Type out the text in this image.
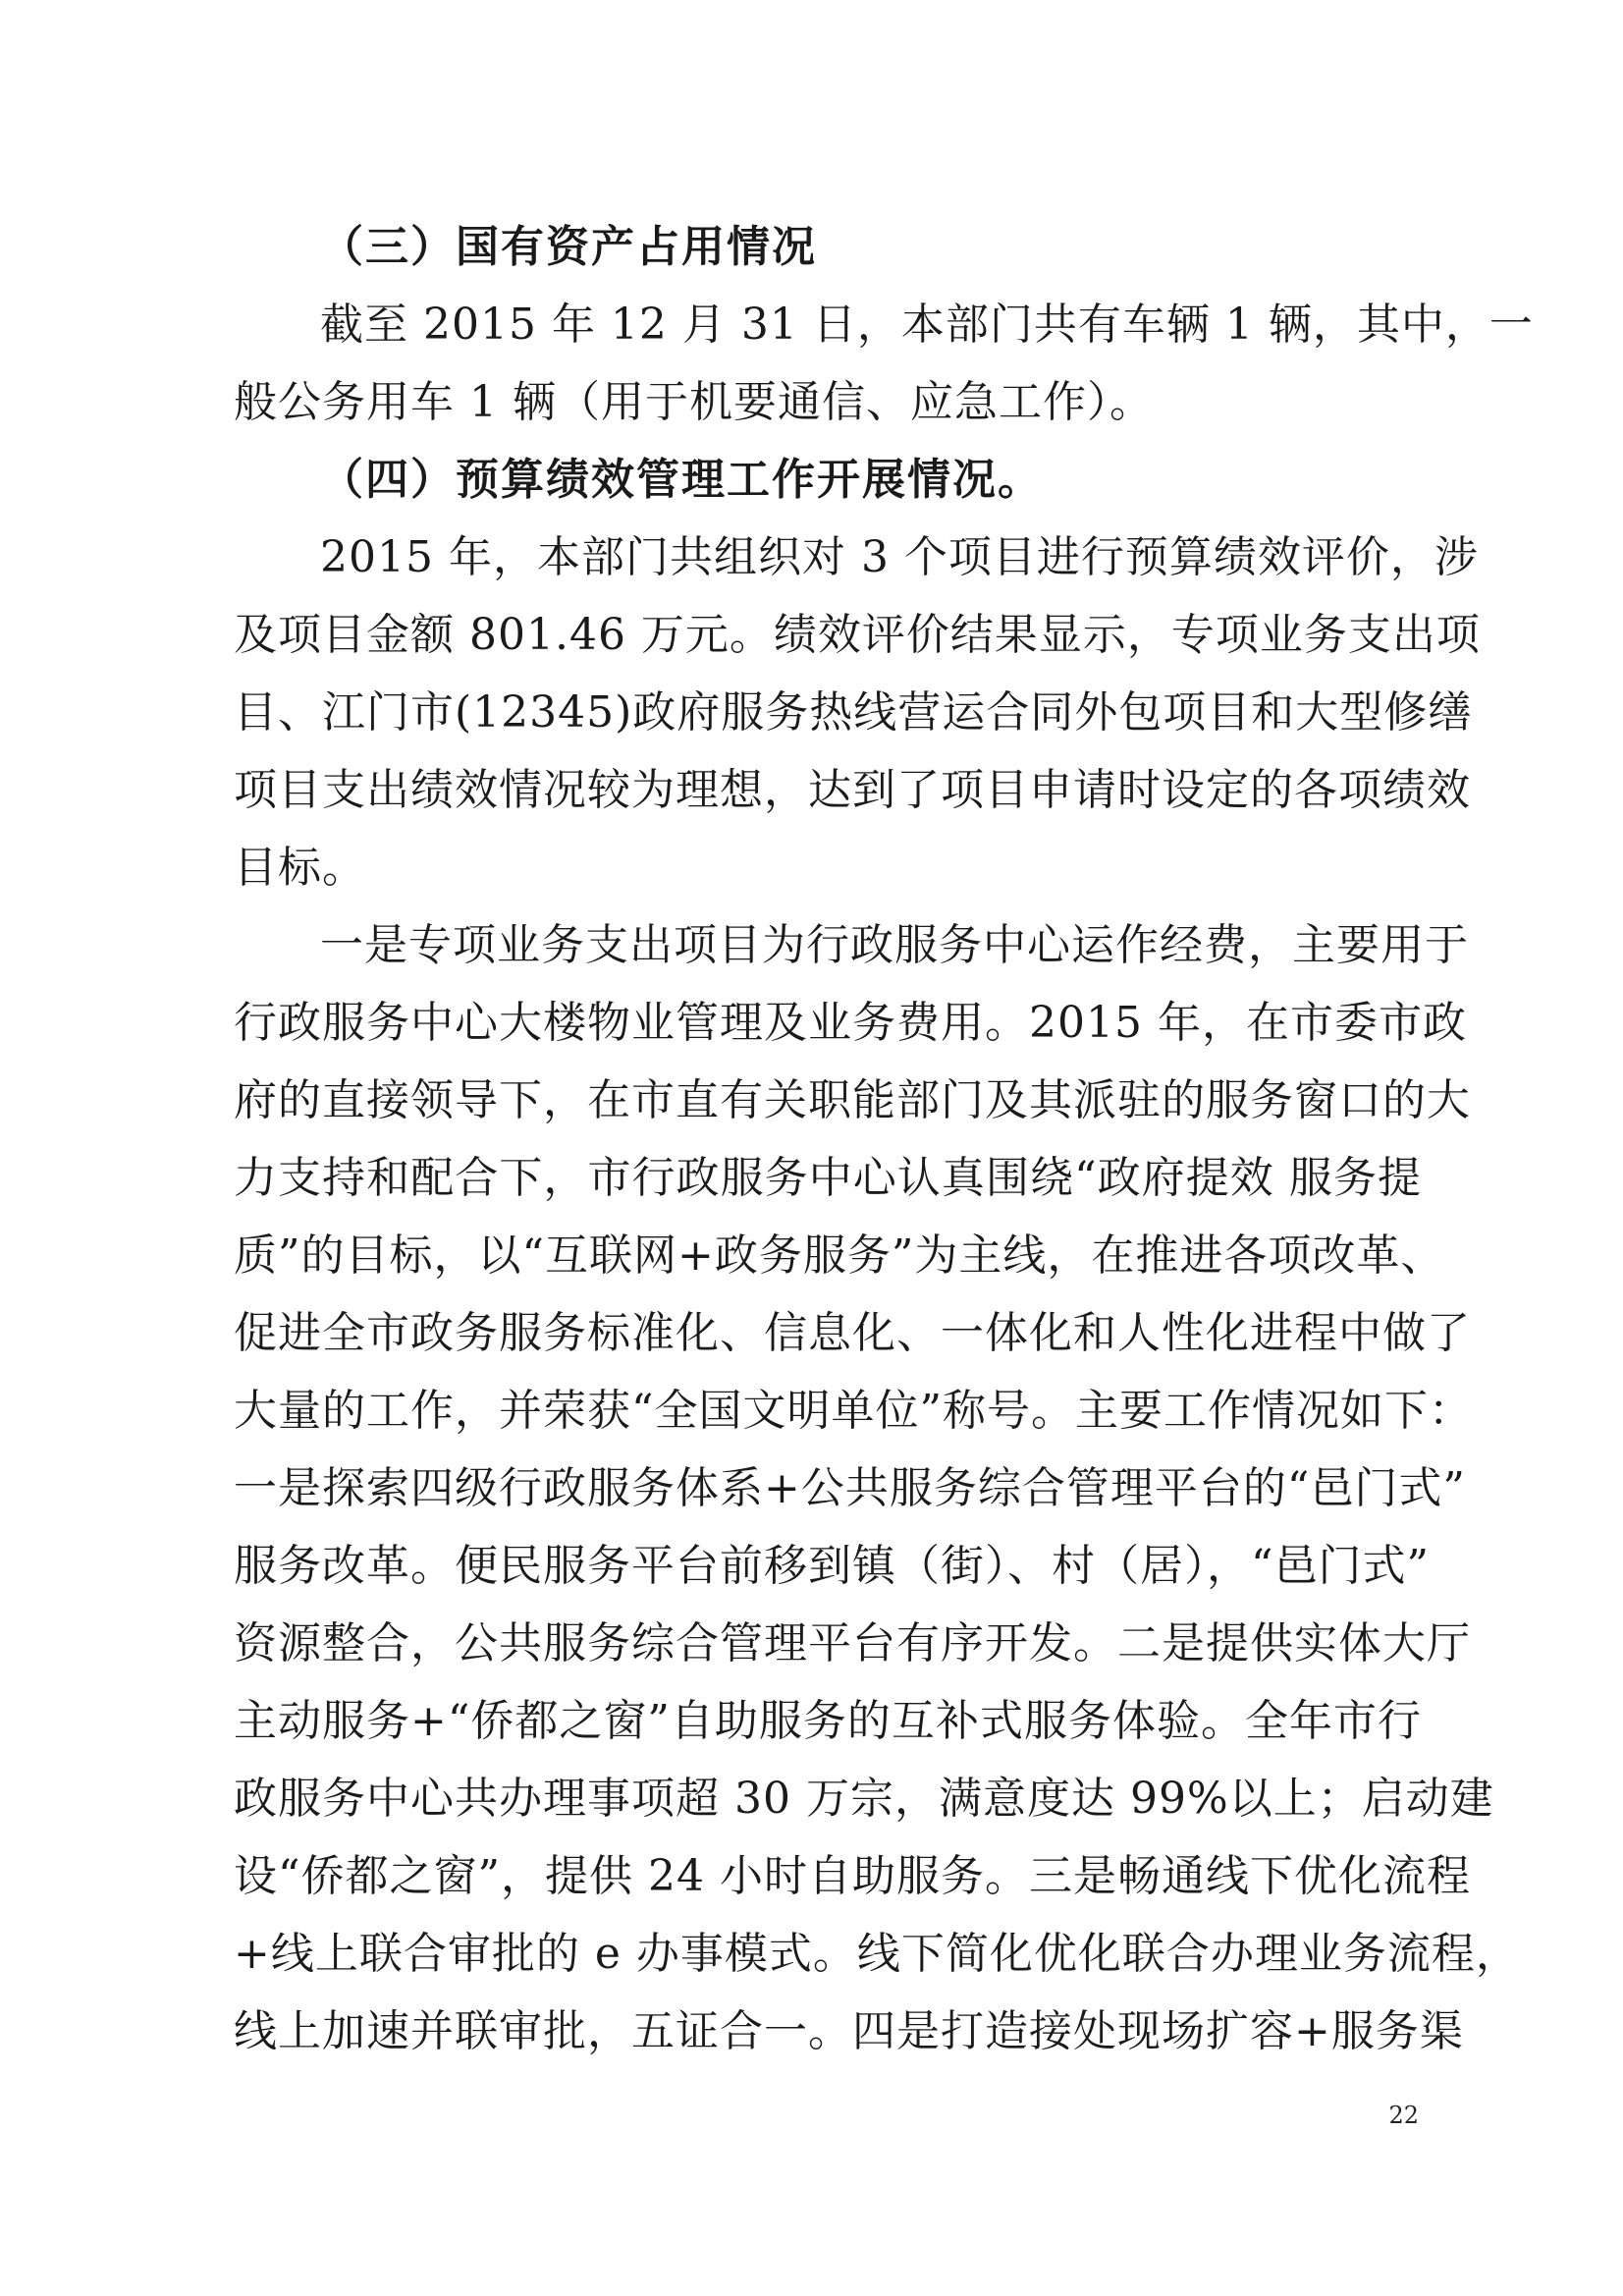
（三）国有资产占用情况
截至 2015 年 12 月 31 日，本部门共有车辆 1 辆，其中，一
般公务用车 1 辆（用于机要通信、应急工作）。
（四）预算绩效管理工作开展情况。
2015 年，本部门共组织对 3 个项目进行预算绩效评价，涉
及项目金额 801.46 万元。绩效评价结果显示，专项业务支出项
目、江门市(12345)政府服务热线营运合同外包项目和大型修缮
项目支出绩效情况较为理想，达到了项目申请时设定的各项绩效
目标。
一是专项业务支出项目为行政服务中心运作经费，主要用于
行政服务中心大楼物业管理及业务费用。2015 年，在市委市政
府的直接领导下，在市直有关职能部门及其派驻的服务窗口的大
力支持和配合下，市行政服务中心认真围绕“政府提效 服务提
质”的目标，以“互联网+政务服务”为主线，在推进各项改革、
促进全市政务服务标准化、信息化、一体化和人性化进程中做了
大量的工作，并荣获“全国文明单位”称号。主要工作情况如下：
一是探索四级行政服务体系+公共服务综合管理平台的“邑门式”
服务改革。便民服务平台前移到镇（街）、村（居），“邑门式”
资源整合，公共服务综合管理平台有序开发。二是提供实体大厅
主动服务+“侨都之窗”自助服务的互补式服务体验。全年市行
政服务中心共办理事项超 30 万宗，满意度达 99%以上；启动建
设“侨都之窗”，提供 24 小时自助服务。三是畅通线下优化流程
+线上联合审批的 e 办事模式。线下简化优化联合办理业务流程，
线上加速并联审批，五证合一。四是打造接处现场扩容+服务渠
22
